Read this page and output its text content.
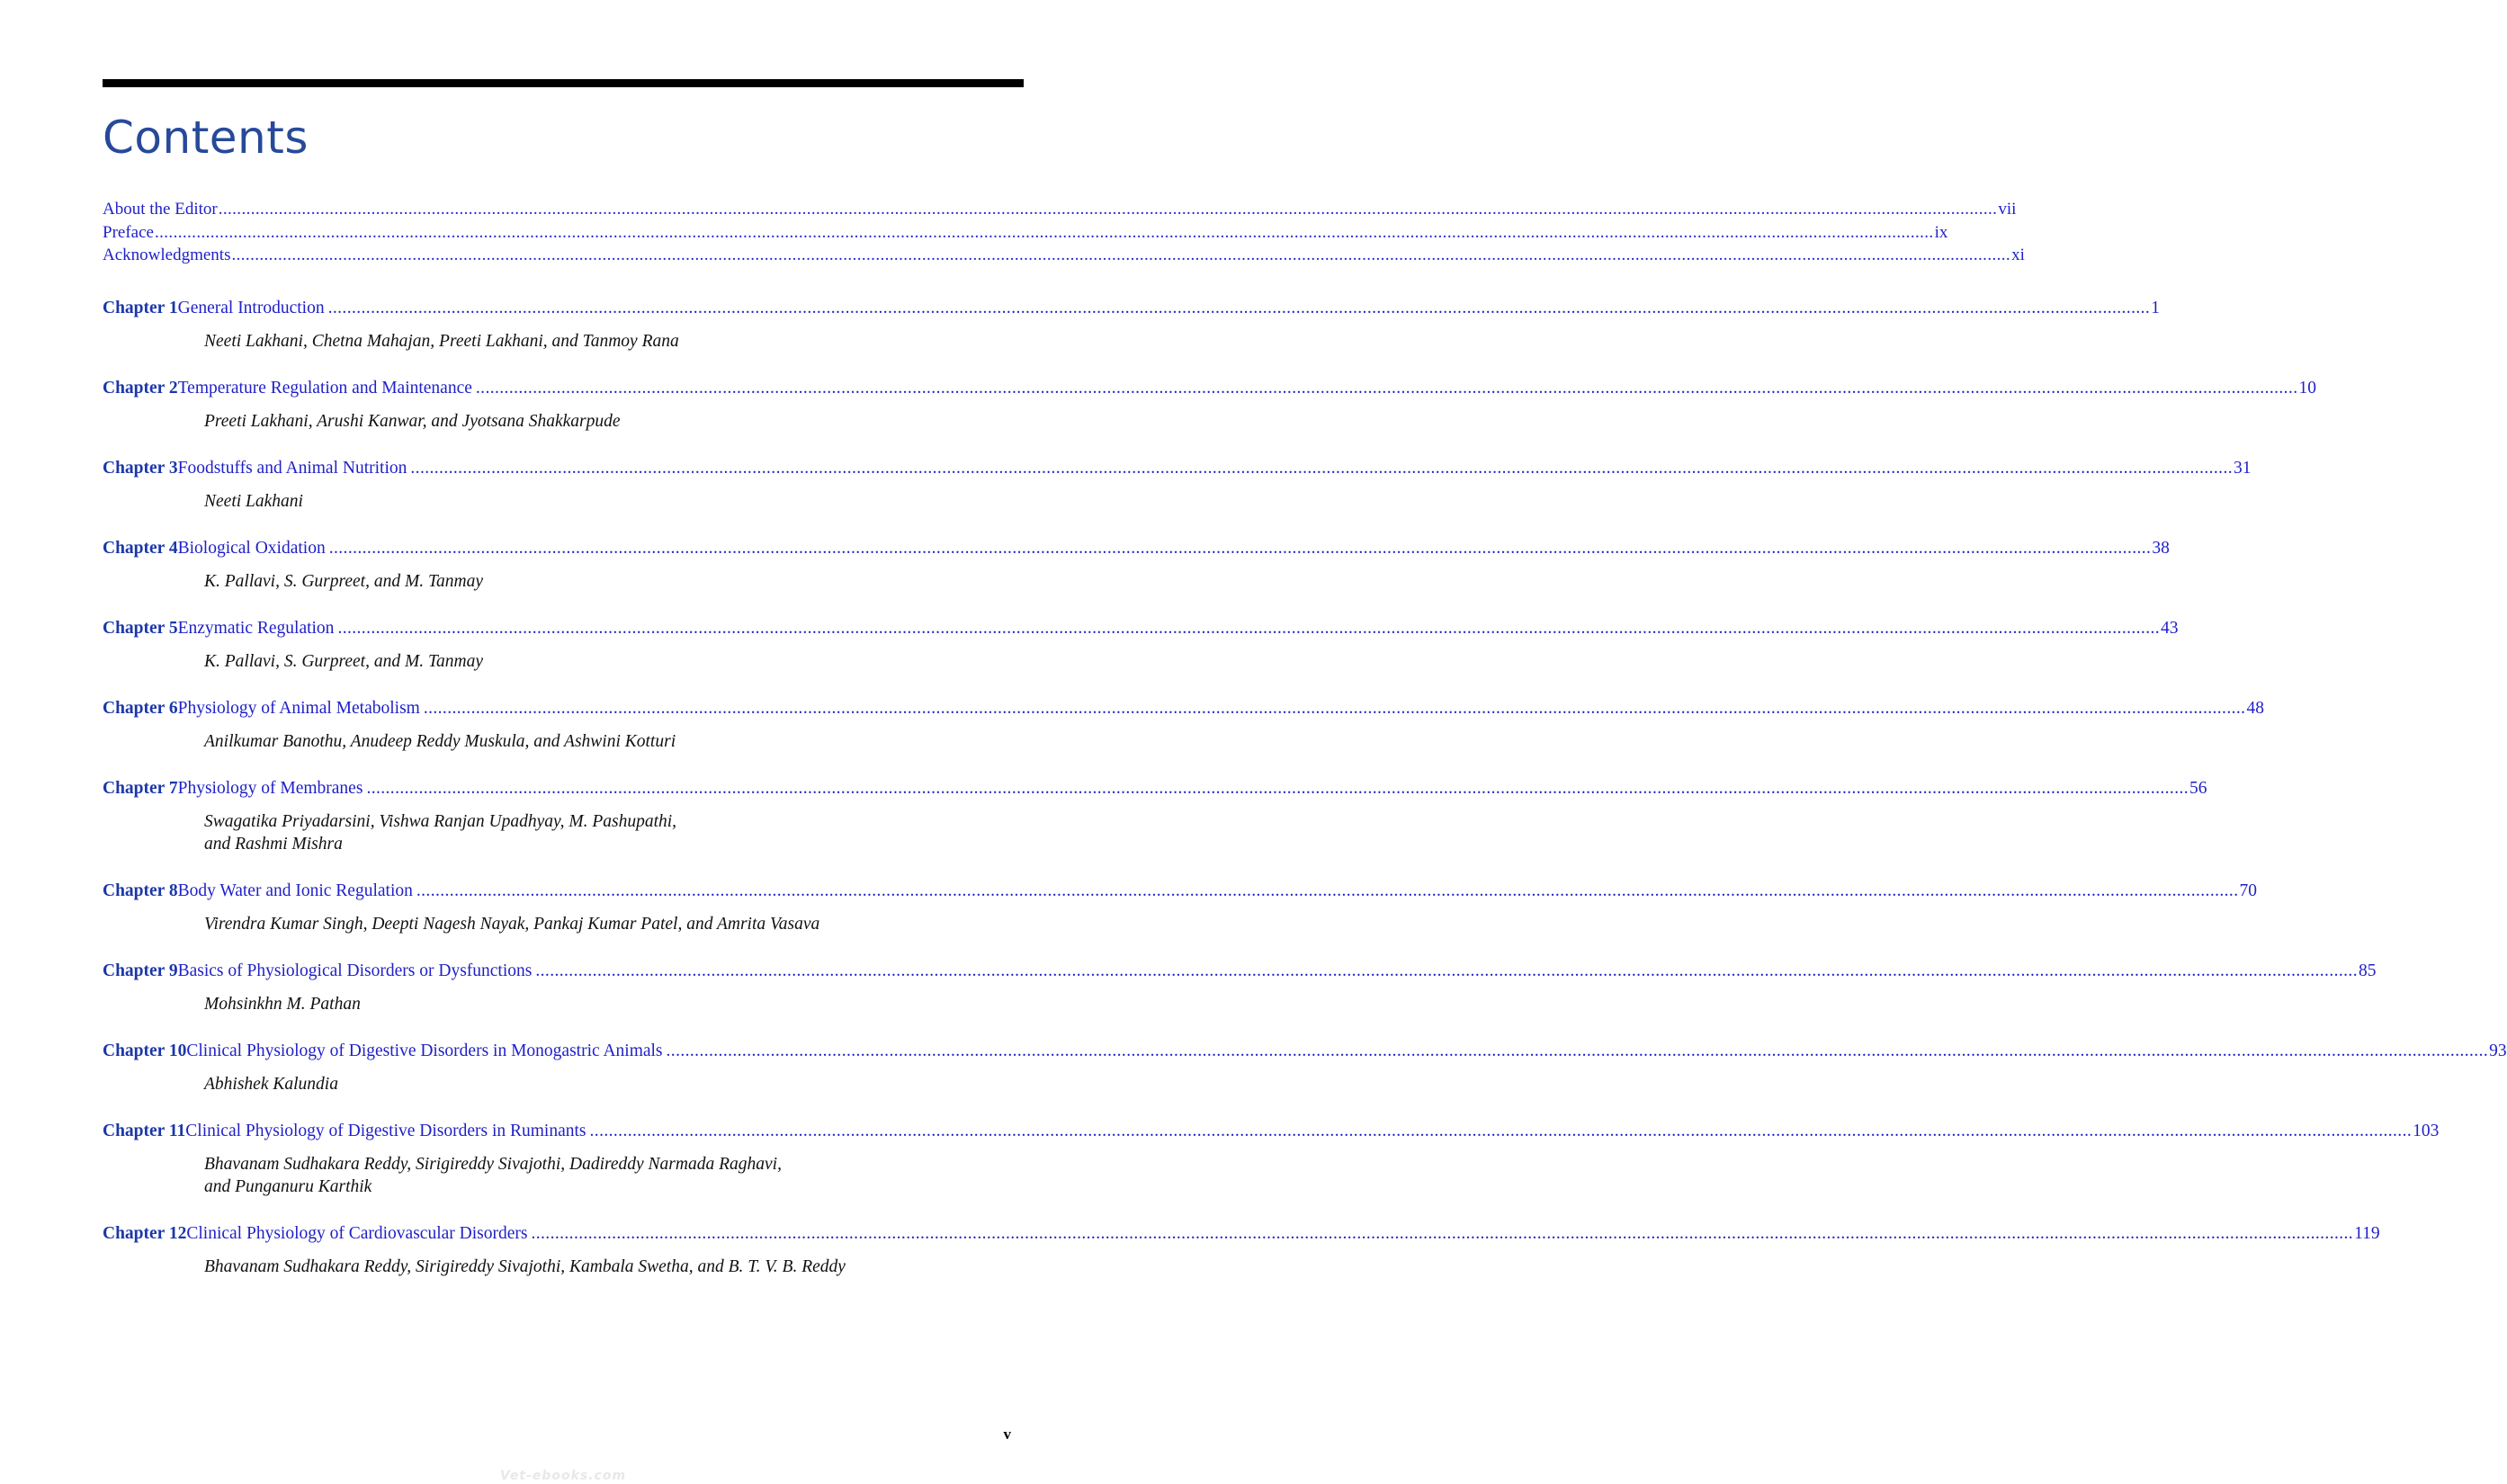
Contents
About the Editor .....	vii
Preface .....	ix
Acknowledgments .....	xi
Chapter 1 General Introduction .....	1
Neeti Lakhani, Chetna Mahajan, Preeti Lakhani, and Tanmoy Rana
Chapter 2 Temperature Regulation and Maintenance .....	10
Preeti Lakhani, Arushi Kanwar, and Jyotsana Shakkarpude
Chapter 3 Foodstuffs and Animal Nutrition .....	31
Neeti Lakhani
Chapter 4 Biological Oxidation .....	38
K. Pallavi, S. Gurpreet, and M. Tanmay
Chapter 5 Enzymatic Regulation .....	43
K. Pallavi, S. Gurpreet, and M. Tanmay
Chapter 6 Physiology of Animal Metabolism .....	48
Anilkumar Banothu, Anudeep Reddy Muskula, and Ashwini Kotturi
Chapter 7 Physiology of Membranes .....	56
Swagatika Priyadarsini, Vishwa Ranjan Upadhyay, M. Pashupathi,
and Rashmi Mishra
Chapter 8 Body Water and Ionic Regulation .....	70
Virendra Kumar Singh, Deepti Nagesh Nayak, Pankaj Kumar Patel, and Amrita Vasava
Chapter 9 Basics of Physiological Disorders or Dysfunctions .....	85
Mohsinkhn M. Pathan
Chapter 10 Clinical Physiology of Digestive Disorders in Monogastric Animals .....	93
Abhishek Kalundia
Chapter 11 Clinical Physiology of Digestive Disorders in Ruminants .....	103
Bhavanam Sudhakara Reddy, Sirigireddy Sivajothi, Dadireddy Narmada Raghavi,
and Punganuru Karthik
Chapter 12 Clinical Physiology of Cardiovascular Disorders .....	119
Bhavanam Sudhakara Reddy, Sirigireddy Sivajothi, Kambala Swetha, and B. T. V. B. Reddy
v
Vet-ebooks.com
